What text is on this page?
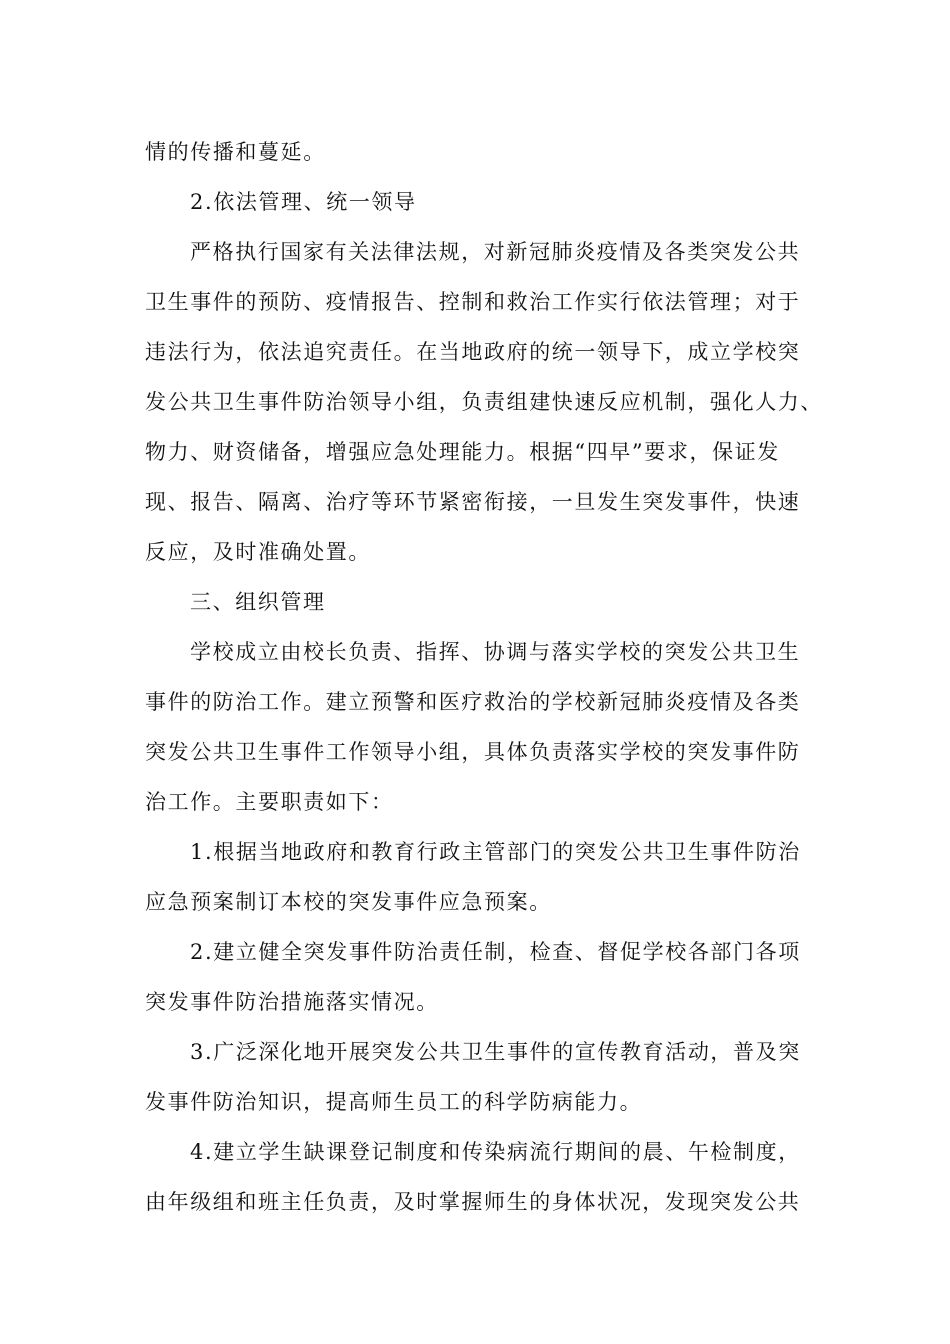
情的传播和蔓延。
2.依法管理、统一领导
严格执行国家有关法律法规，对新冠肺炎疫情及各类突发公共
卫生事件的预防、疫情报告、控制和救治工作实行依法管理；对于
违法行为，依法追究责任。在当地政府的统一领导下，成立学校突
发公共卫生事件防治领导小组，负责组建快速反应机制，强化人力、
物力、财资储备，增强应急处理能力。根据“四早”要求，保证发
现、报告、隔离、治疗等环节紧密衔接，一旦发生突发事件，快速
反应，及时准确处置。
三、组织管理
学校成立由校长负责、指挥、协调与落实学校的突发公共卫生
事件的防治工作。建立预警和医疗救治的学校新冠肺炎疫情及各类
突发公共卫生事件工作领导小组，具体负责落实学校的突发事件防
治工作。主要职责如下：
1.根据当地政府和教育行政主管部门的突发公共卫生事件防治
应急预案制订本校的突发事件应急预案。
2.建立健全突发事件防治责任制，检查、督促学校各部门各项
突发事件防治措施落实情况。
3.广泛深化地开展突发公共卫生事件的宣传教育活动，普及突
发事件防治知识，提高师生员工的科学防病能力。
4.建立学生缺课登记制度和传染病流行期间的晨、午检制度，
由年级组和班主任负责，及时掌握师生的身体状况，发现突发公共
